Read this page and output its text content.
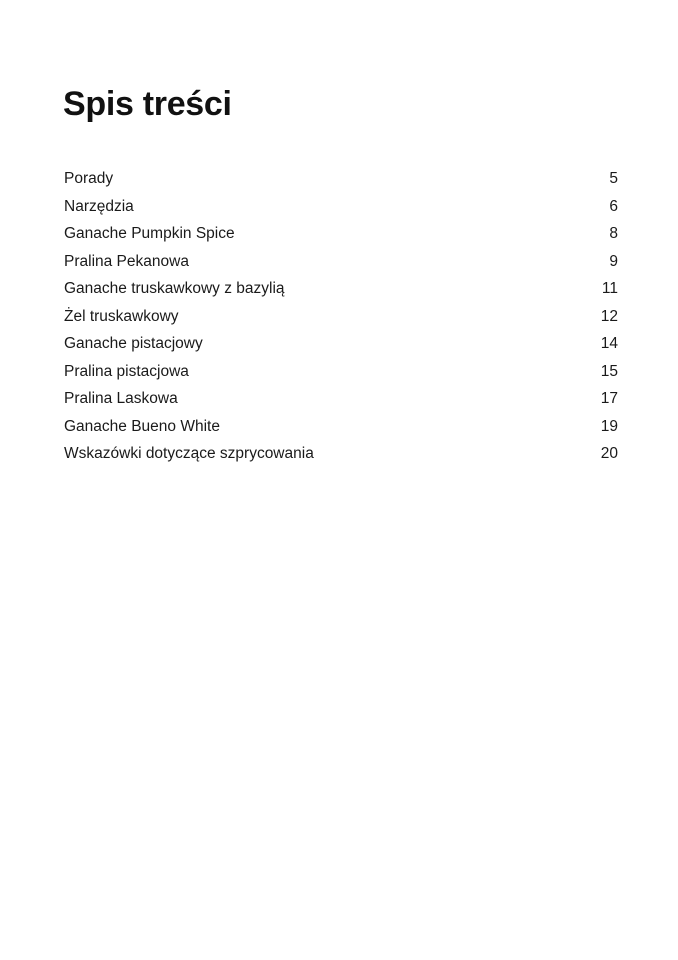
Spis treści
Porady	5
Narzędzia	6
Ganache Pumpkin Spice	8
Pralina Pekanowa	9
Ganache truskawkowy z bazylią	11
Żel truskawkowy	12
Ganache pistacjowy	14
Pralina pistacjowa	15
Pralina Laskowa	17
Ganache Bueno White	19
Wskazówki dotyczące szprycowania	20
